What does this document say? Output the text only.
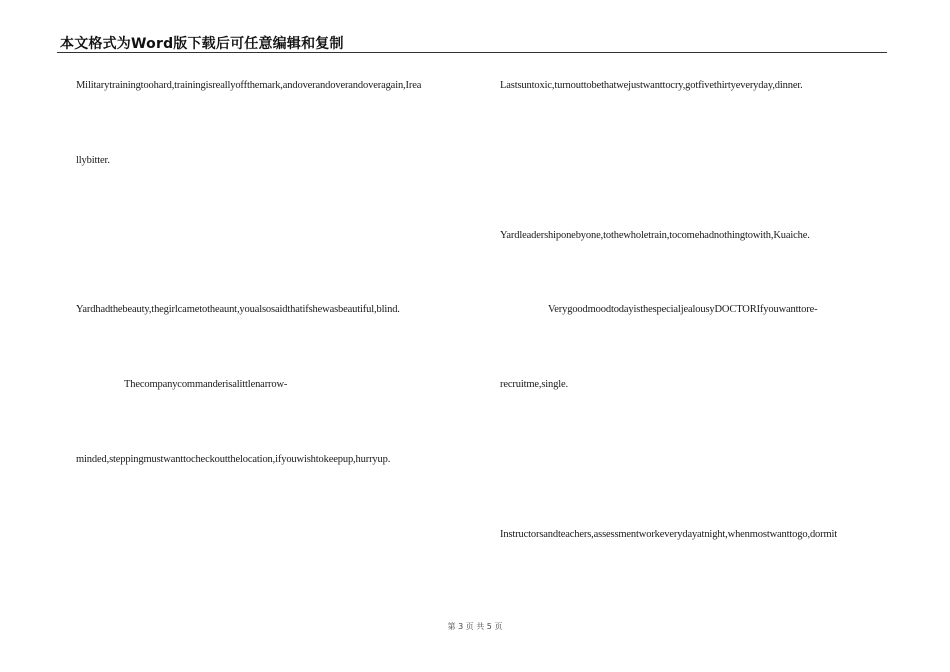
本文格式为Word版下载后可任意编辑和复制
Militarytrainingtoohard,trainingisreallyoffthemark,andoverandoverandoveragain,Irea
llybitter.
Yardhadthebeauty,thegirlcametotheaunt,youalsosaidthatifshewasbeautiful,blind.
Thecompanycommanderisalittlenarrow-
minded,steppingmustwanttocheckoutthelocation,ifyouwishtokeepup,hurryup.
Lastsuntoxic,turnouttobethatwejustwanttocry,gotfivethirtyeveryday,dinner.
Yardleadershiponebyone,tothewholetrain,tocomehadnothingtowith,Kuaiche.
VerygoodmoodtodayisthespecialjealousyDOCTORIfyouwanttore-
recruitme,single.
Instructorsandteachers,assessmentworkeverydayatnight,whenmostwanttogo,dormit
第 3 页 共 5 页
